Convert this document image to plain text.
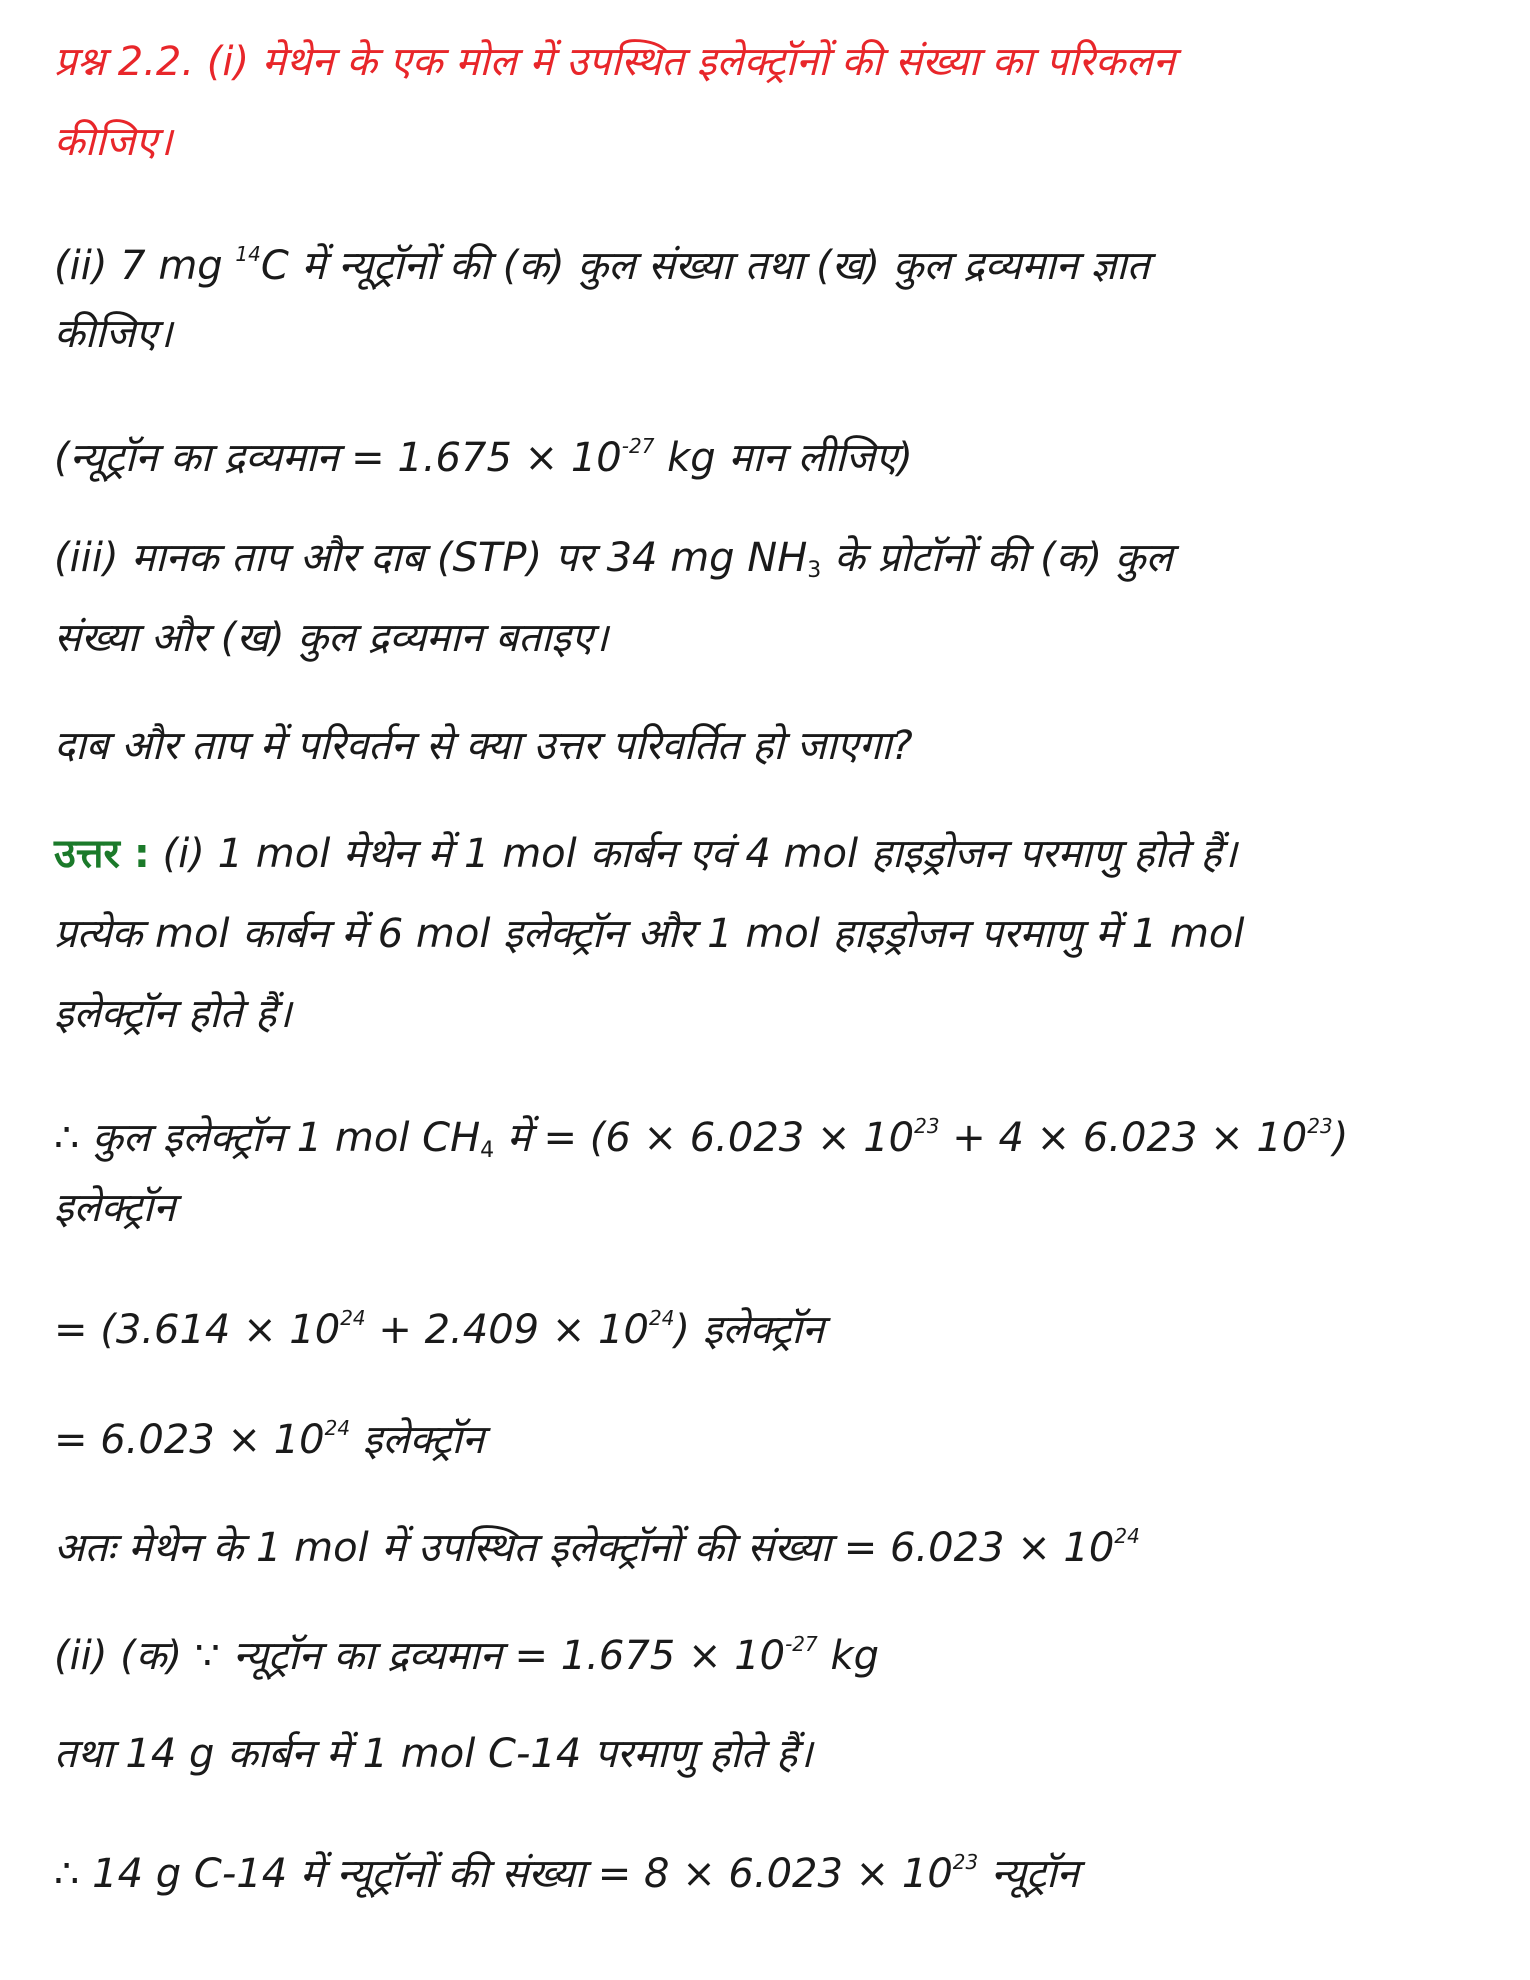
प्रश्न 2.2. (i) मेथेन के एक मोल में उपस्थित इलेक्ट्रॉनों की संख्या का परिकलन
कीजिए।
(ii) 7 mg $^{14}$C में न्यूट्रॉनों की (क) कुल संख्या तथा (ख) कुल द्रव्यमान ज्ञात
कीजिए।
(न्यूट्रॉन का द्रव्यमान = $1.675 \times 10^{-27}$ kg मान लीजिए)
(iii) मानक ताप और दाब (STP) पर 34 mg $NH_3$ के प्रोटॉनों की (क) कुल
संख्या और (ख) कुल द्रव्यमान बताइए।
दाब और ताप में परिवर्तन से क्या उत्तर परिवर्तित हो जाएगा?
उत्तर : (i) 1 mol मेथेन में 1 mol कार्बन एवं 4 mol हाइड्रोजन परमाणु होते हैं।
प्रत्येक mol कार्बन में 6 mol इलेक्ट्रॉन और 1 mol हाइड्रोजन परमाणु में 1 mol
इलेक्ट्रॉन होते हैं।
∴ कुल इलेक्ट्रॉन 1 mol $CH_4$ में = $(6 \times 6.023 \times 10^{23} + 4 \times 6.023 \times 10^{23})$
इलेक्ट्रॉन
= $(3.614 \times 10^{24} + 2.409 \times 10^{24})$ इलेक्ट्रॉन
= $6.023 \times 10^{24}$ इलेक्ट्रॉन
अतः मेथेन के 1 mol में उपस्थित इलेक्ट्रॉनों की संख्या = $6.023 \times 10^{24}$
(ii) (क) ∵ न्यूट्रॉन का द्रव्यमान = $1.675 \times 10^{-27}$ kg
तथा 14 g कार्बन में 1 mol C-14 परमाणु होते हैं।
∴ 14 g C-14 में न्यूट्रॉनों की संख्या = $8 \times 6.023 \times 10^{23}$ न्यूट्रॉन
